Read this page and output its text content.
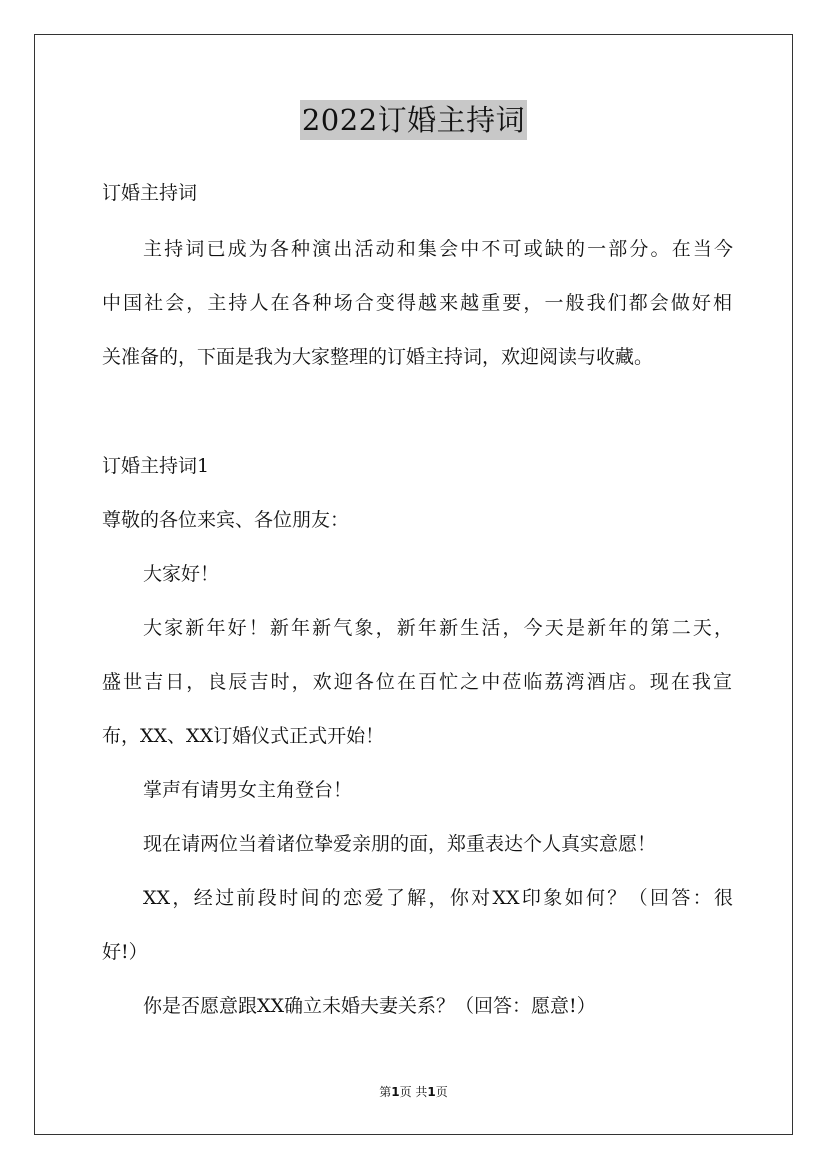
2022订婚主持词
订婚主持词
主持词已成为各种演出活动和集会中不可或缺的一部分。在当今
中国社会，主持人在各种场合变得越来越重要，一般我们都会做好相
关准备的，下面是我为大家整理的订婚主持词，欢迎阅读与收藏。
订婚主持词1
尊敬的各位来宾、各位朋友：
大家好！
大家新年好！新年新气象，新年新生活，今天是新年的第二天，
盛世吉日，良辰吉时，欢迎各位在百忙之中莅临荔湾酒店。现在我宣
布，XX、XX订婚仪式正式开始！
掌声有请男女主角登台！
现在请两位当着诸位挚爱亲朋的面，郑重表达个人真实意愿！
XX，经过前段时间的恋爱了解，你对XX印象如何？（回答：很
好!）
你是否愿意跟XX确立未婚夫妻关系？（回答：愿意!）
第1页 共1页
